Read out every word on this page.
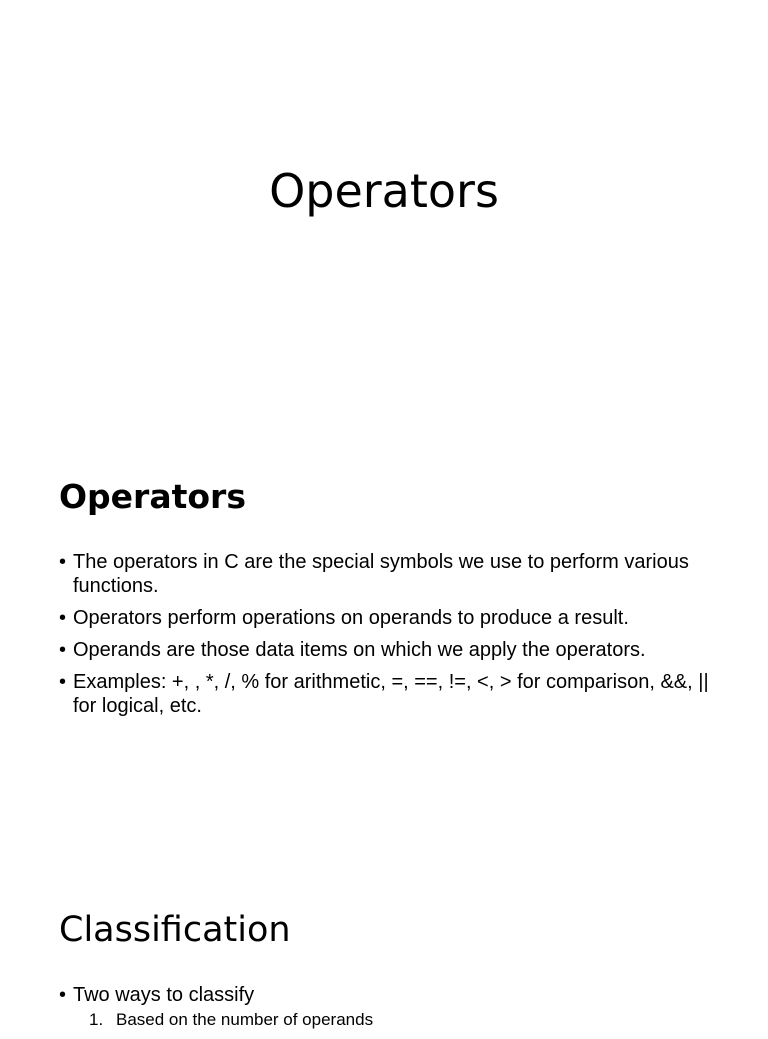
Operators
Operators
• The operators in C are the special symbols we use to perform various functions.
• Operators perform operations on operands to produce a result.
• Operands are those data items on which we apply the operators.
• Examples: +, , *, /, % for arithmetic, =, ==, !=, <, > for comparison, &&, || for logical, etc.
Classification
• Two ways to classify
1. Based on the number of operands
